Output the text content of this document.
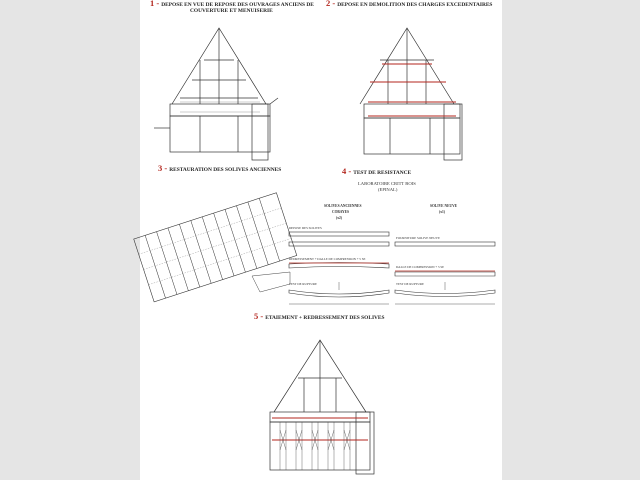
1 - DEPOSE EN VUE DE REPOSE DES OUVRAGES ANCIENS DE
COUVERTURE ET MENUISERIE
2 - DEPOSE EN DEMOLITION DES CHARGES EXCEDENTAIRES
3 - RESTAURATION DES SOLIVES ANCIENNES	4 - TEST DE RESISTANCE
LABORATOIRE CRITT BOIS
(EPINAL)
SOLIVES ANCIENNES
COBAYES
(x2)
SOLIVE NEUVE
(x1)
DEPOSE DES SOLIVES
REDRESSEMENT + DALLE DE COMPRESSION + 5 SE
TEST DE RUPTURE
FOURNITURE SOLIVE NEUVE
DALLE DE COMPRESSION + 5 SE
TEST DE RUPTURE
5 - ETAIEMENT + REDRESSEMENT DES SOLIVES
